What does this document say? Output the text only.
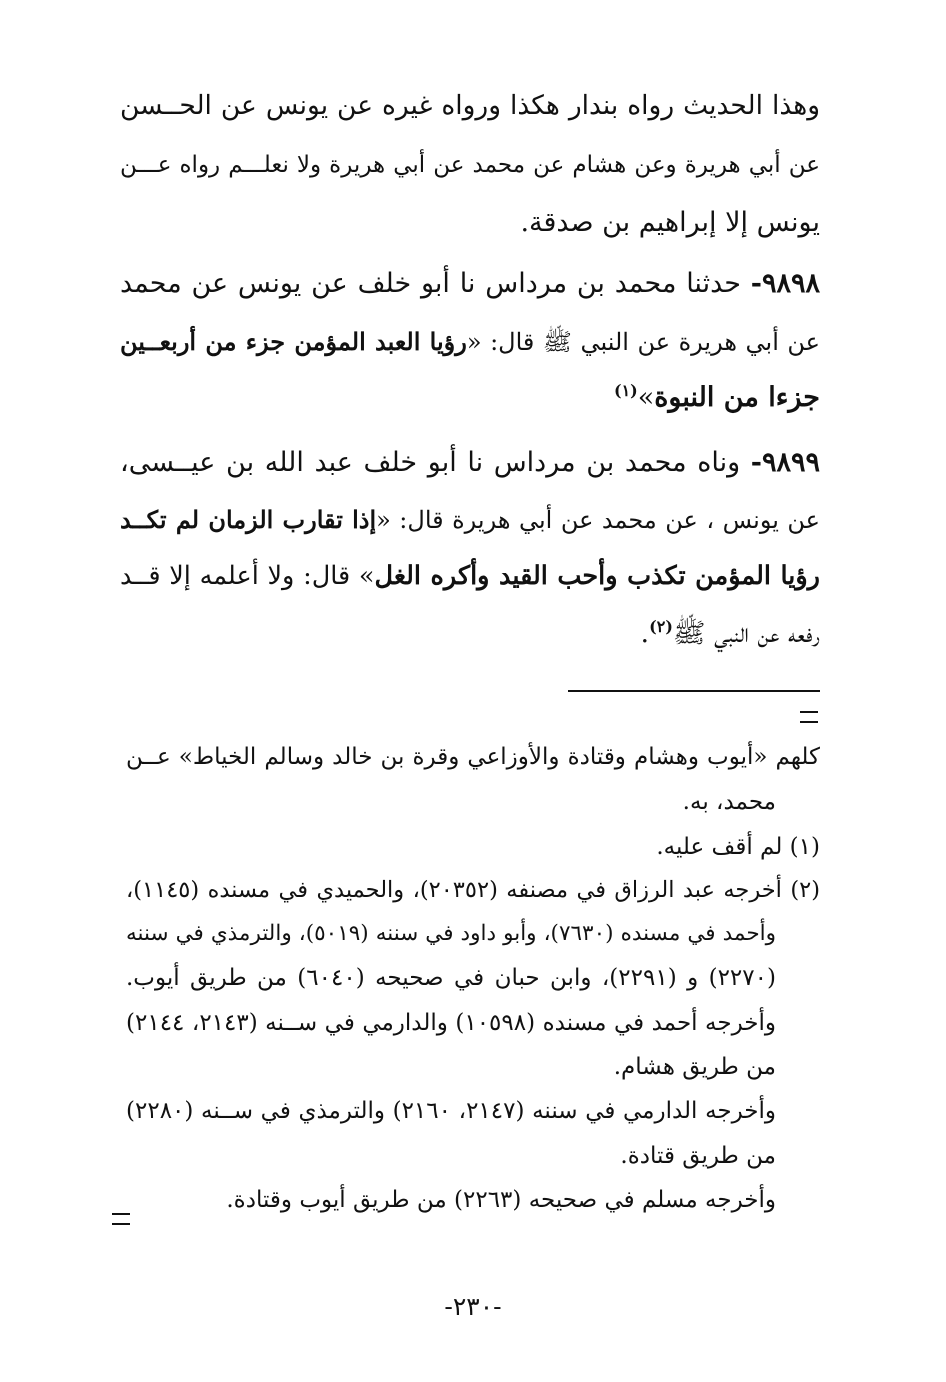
وهذا الحديث رواه بندار هكذا ورواه غيره عن يونس عن الحــسن
عن أبي هريرة وعن هشام عن محمد عن أبي هريرة ولا نعلـــم رواه عـــن
يونس إلا إبراهيم بن صدقة.
٩٨٩٨- حدثنا محمد بن مرداس نا أبو خلف عن يونس عن محمد
عن أبي هريرة عن النبي ﷺ قال: «رؤيا العبد المؤمن جزء من أربعــين
جزءا من النبوة»$^{(١)}$
٩٨٩٩- وناه محمد بن مرداس نا أبو خلف عبد الله بن عيــسى،
عن يونس ، عن محمد عن أبي هريرة قال: «إذا تقارب الزمان لم تكــد
رؤيا المؤمن تكذب وأحب القيد وأكره الغل» قال: ولا أعلمه إلا قــد
رفعه عن النبي ﷺ$^{(٢)}$.
كلهم «أيوب وهشام وقتادة والأوزاعي وقرة بن خالد وسالم الخياط» عــن
محمد، به.
(١) لم أقف عليه.
(٢) أخرجه عبد الرزاق في مصنفه (٢٠٣٥٢)، والحميدي في مسنده (١١٤٥)،
وأحمد في مسنده (٧٦٣٠)، وأبو داود في سننه (٥٠١٩)، والترمذي في سننه
(٢٢٧٠) و (٢٢٩١)، وابن حبان في صحيحه (٦٠٤٠) من طريق أيوب.
وأخرجه أحمد في مسنده (١٠٥٩٨) والدارمي في ســنه (٢١٤٣، ٢١٤٤)
من طريق هشام.
وأخرجه الدارمي في سننه (٢١٤٧، ٢١٦٠) والترمذي في ســنه (٢٢٨٠)
من طريق قتادة.
وأخرجه مسلم في صحيحه (٢٢٦٣) من طريق أيوب وقتادة.
-٢٣٠-
